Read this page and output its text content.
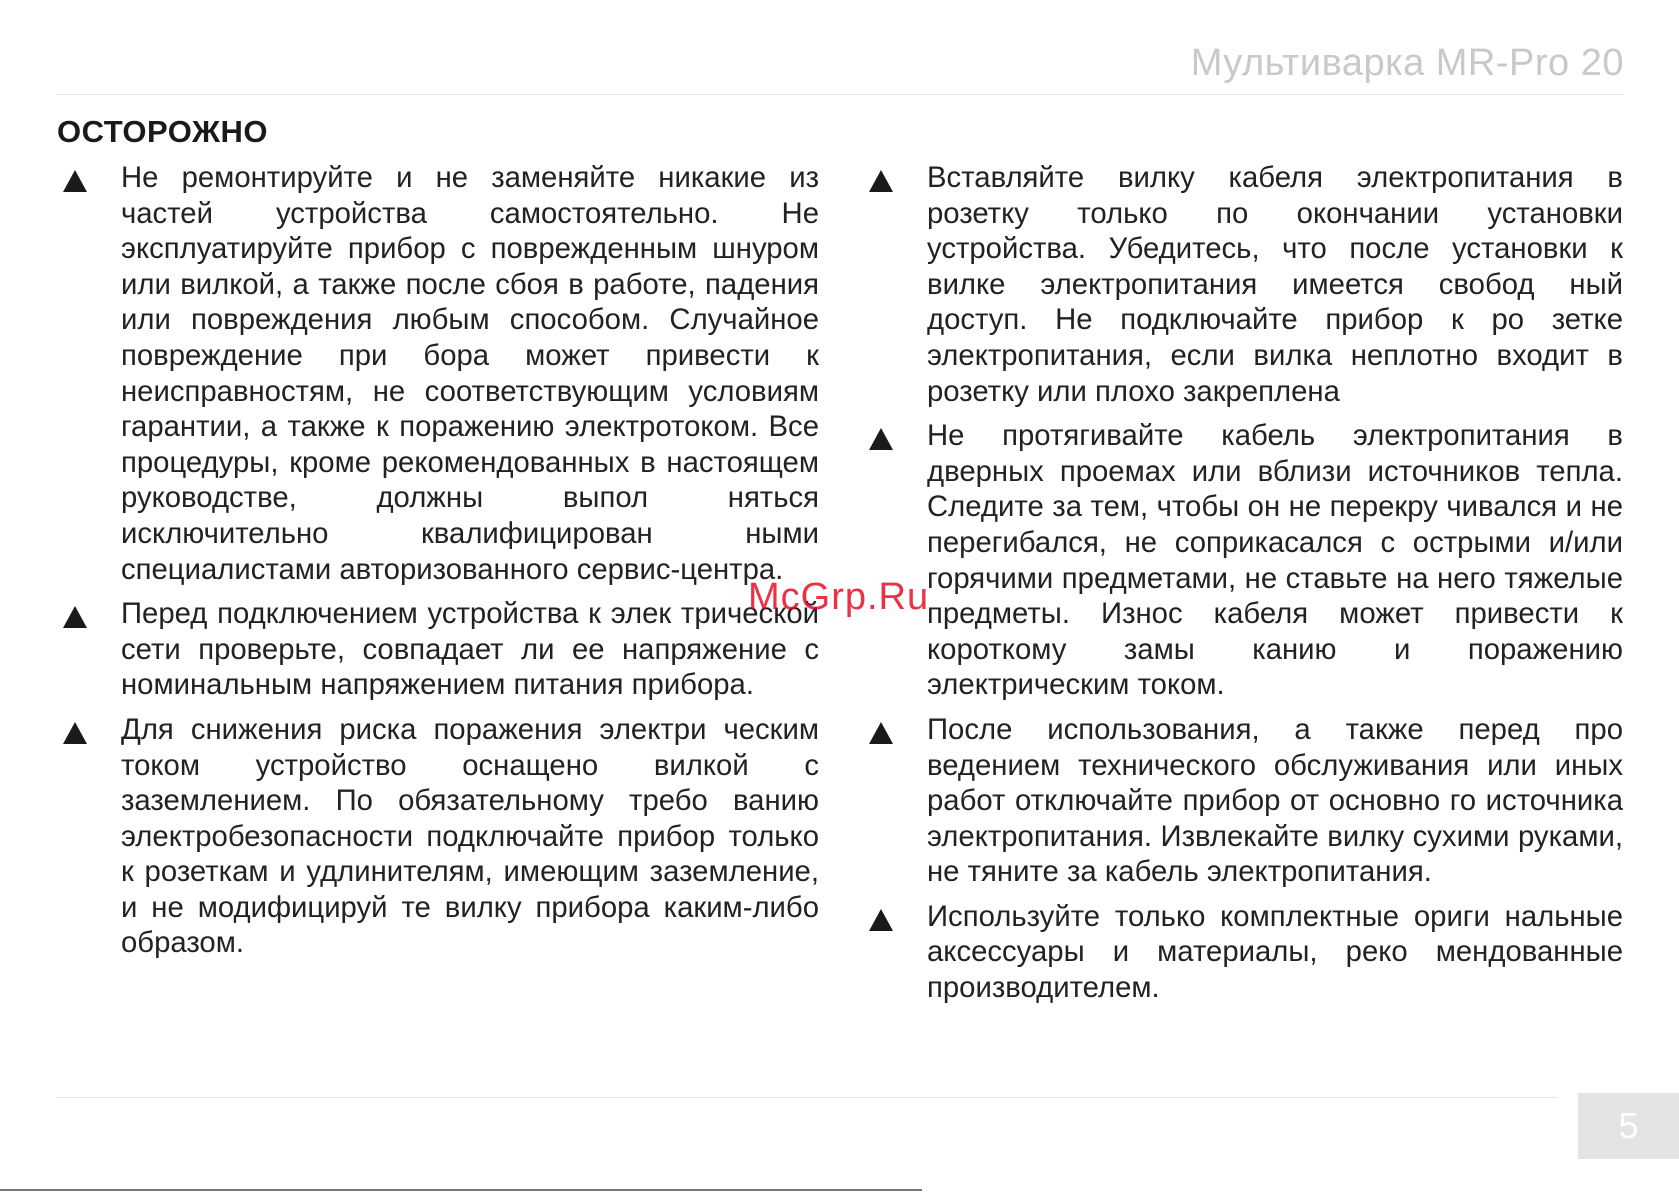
Мультиварка MR-Pro 20
ОСТОРОЖНО
Не ремонтируйте и не заменяйте никакие из частей устройства самостоятельно. Не эксплуатируйте прибор с поврежденным шнуром или вилкой, а также после сбоя в работе, падения или повреждения любым способом. Случайное повреждение при бора может привести к неисправностям, не соответствующим условиям гарантии, а также к поражению электротоком. Все процедуры, кроме рекомендованных в настоящем руководстве, должны выпол няться исключительно квалифицирован ными специалистами авторизованного сервис-центра.
Перед подключением устройства к элек трической сети проверьте, совпадает ли ее напряжение с номинальным напряжением питания прибора.
Для снижения риска поражения электри ческим током устройство оснащено вилкой с заземлением. По обязательному требо ванию электробезопасности подключайте прибор только к розеткам и удлинителям, имеющим заземление, и не модифицируй те вилку прибора каким-либо образом.
Вставляйте вилку кабеля электропитания в розетку только по окончании установки устройства. Убедитесь, что после установки к вилке электропитания имеется свобод ный доступ. Не подключайте прибор к ро зетке электропитания, если вилка неплотно входит в розетку или плохо закреплена
Не протягивайте кабель электропитания в дверных проемах или вблизи источников тепла. Следите за тем, чтобы он не перекру чивался и не перегибался, не соприкасался с острыми и/или горячими предметами, не ставьте на него тяжелые предметы. Износ кабеля может привести к короткому замы канию и поражению электрическим током.
После использования, а также перед про ведением технического обслуживания или иных работ отключайте прибор от основно го источника электропитания. Извлекайте вилку сухими руками, не тяните за кабель электропитания.
Используйте только комплектные ориги нальные аксессуары и материалы, реко мендованные производителем.
McGrp.Ru
5
